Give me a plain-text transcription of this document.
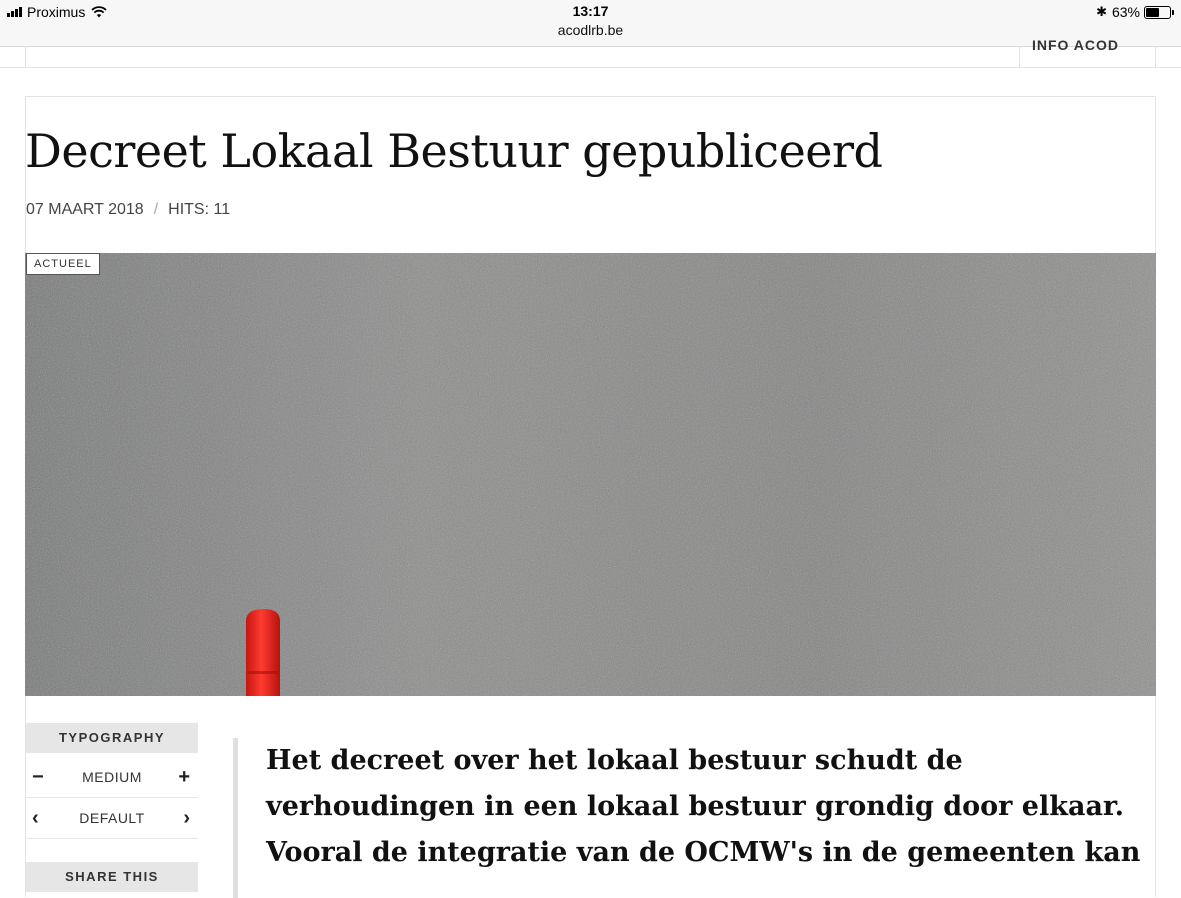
Proximus	13:17
acodlrb.be
✱ 63%
INFO ACOD
Decreet Lokaal Bestuur gepubliceerd
07 MAART 2018 / HITS: 11
ACTUEEL
TYPOGRAPHY
MEDIUM
−	+
DEFAULT
‹	›
SHARE THIS

Het decreet over het lokaal bestuur schudt de
verhoudingen in een lokaal bestuur grondig door elkaar.
Vooral de integratie van de OCMW's in de gemeenten kan
